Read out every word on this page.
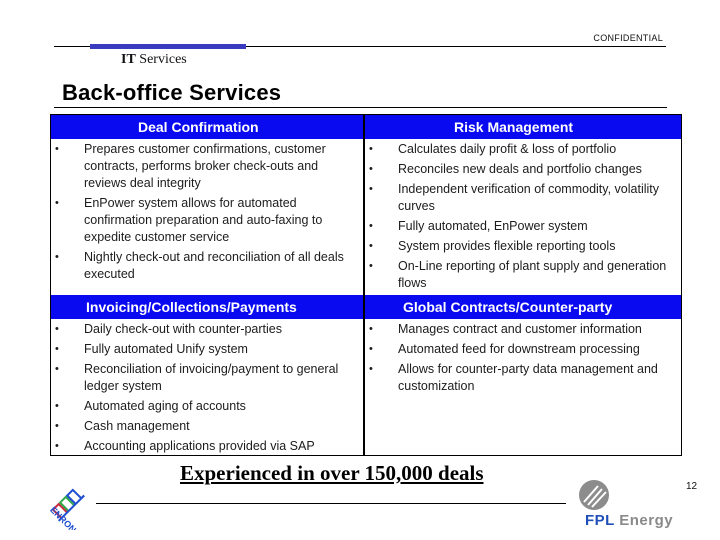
CONFIDENTIAL
IT Services
Back-office Services
Deal Confirmation
• Prepares customer confirmations, customer contracts, performs broker check-outs and reviews deal integrity
• EnPower system allows for automated confirmation preparation and auto-faxing to expedite customer service
• Nightly check-out and reconciliation of all deals executed
Risk Management
• Calculates daily profit & loss of portfolio
• Reconciles new deals and portfolio changes
• Independent verification of commodity, volatility curves
• Fully automated, EnPower system
• System provides flexible reporting tools
• On-Line reporting of plant supply and generation flows
Invoicing/Collections/Payments
• Daily check-out with counter-parties
• Fully automated Unify system
• Reconciliation of invoicing/payment to general ledger system
• Automated aging of accounts
• Cash management
• Accounting applications provided via SAP
Global Contracts/Counter-party
• Manages contract and customer information
• Automated feed for downstream processing
• Allows for counter-party data management and customization
Experienced in over 150,000 deals
12
ENRON	FPL Energy
